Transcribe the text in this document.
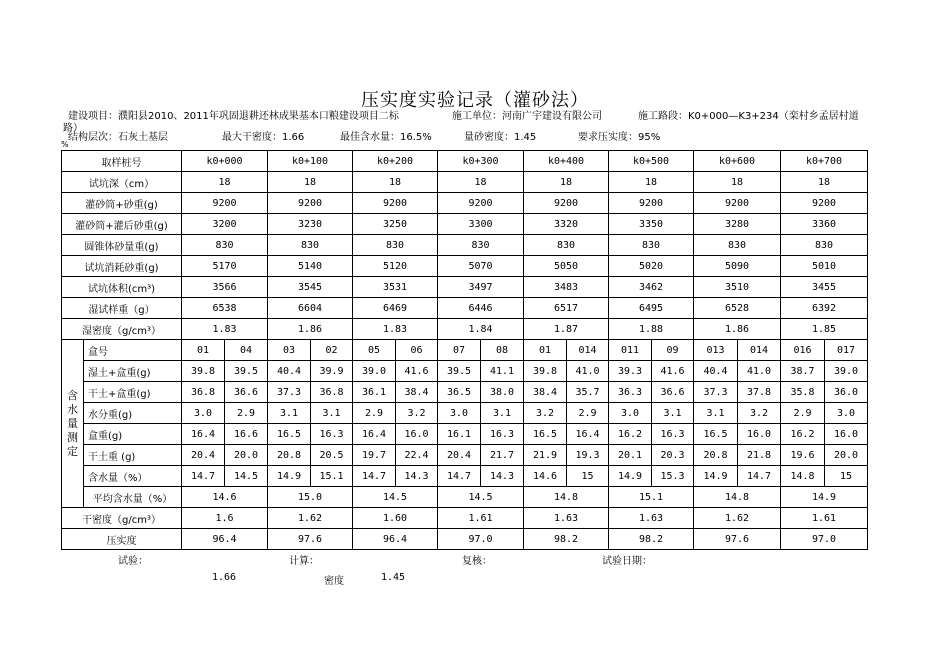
压实度实验记录（灌砂法）
建设项目：濮阳县2010、2011年巩固退耕还林成果基本口粮建设项目二标	施工单位：河南广宇建设有限公司	施工路段：K0+000—K3+234（栾村乡孟居村道
路）
结构层次：石灰土基层	最大干密度：1.66	最佳含水量：16.5%	量砂密度：1.45	要求压实度：95%
%
取样桩号		k0+000		k0+100		k0+200		k0+300		k0+400		k0+500		k0+600		k0+700	
试坑深（cm）		18		18		18		18		18		18		18		18	
灌砂筒+砂重(g)		9200		9200		9200		9200		9200		9200		9200		9200	
灌砂筒+灌后砂重(g)		3200		3230		3250		3300		3320		3350		3280		3360	
圆锥体砂量重(g)		830		830		830		830		830		830		830		830	
试坑消耗砂重(g)		5170		5140		5120		5070		5050		5020		5090		5010	
试坑体积(cm³)		3566		3545		3531		3497		3483		3462		3510		3455	
湿试样重（g）		6538		6604		6469		6446		6517		6495		6528		6392	
湿密度（g/cm³）		1.83		1.86		1.83		1.84		1.87		1.88		1.86		1.85	
含水量测定	盒号	01	04	03	02	05	06	07	08	01	014	011	09	013	014	016	017
	湿土+盒重(g)	39.8	39.5	40.4	39.9	39.0	41.6	39.5	41.1	39.8	41.0	39.3	41.6	40.4	41.0	38.7	39.0
	干土+盒重(g)	36.8	36.6	37.3	36.8	36.1	38.4	36.5	38.0	38.4	35.7	36.3	36.6	37.3	37.8	35.8	36.0
	水分重(g)	3.0	2.9	3.1	3.1	2.9	3.2	3.0	3.1	3.2	2.9	3.0	3.1	3.1	3.2	2.9	3.0
	盒重(g)	16.4	16.6	16.5	16.3	16.4	16.0	16.1	16.3	16.5	16.4	16.2	16.3	16.5	16.0	16.2	16.0
	干土重 (g)	20.4	20.0	20.8	20.5	19.7	22.4	20.4	21.7	21.9	19.3	20.1	20.3	20.8	21.8	19.6	20.0
	含水量（%）	14.7	14.5	14.9	15.1	14.7	14.3	14.7	14.3	14.6	15	14.9	15.3	14.9	14.7	14.8	15
	平均含水量（%）	14.6		15.0		14.5		14.5		14.8		15.1		14.8		14.9	
干密度（g/cm³）		1.6		1.62		1.60		1.61		1.63		1.63		1.62		1.61	
压实度		96.4		97.6		96.4		97.0		98.2		98.2		97.6		97.0	
试验：	计算：	复核：	试验日期：
1.66	密度	1.45
